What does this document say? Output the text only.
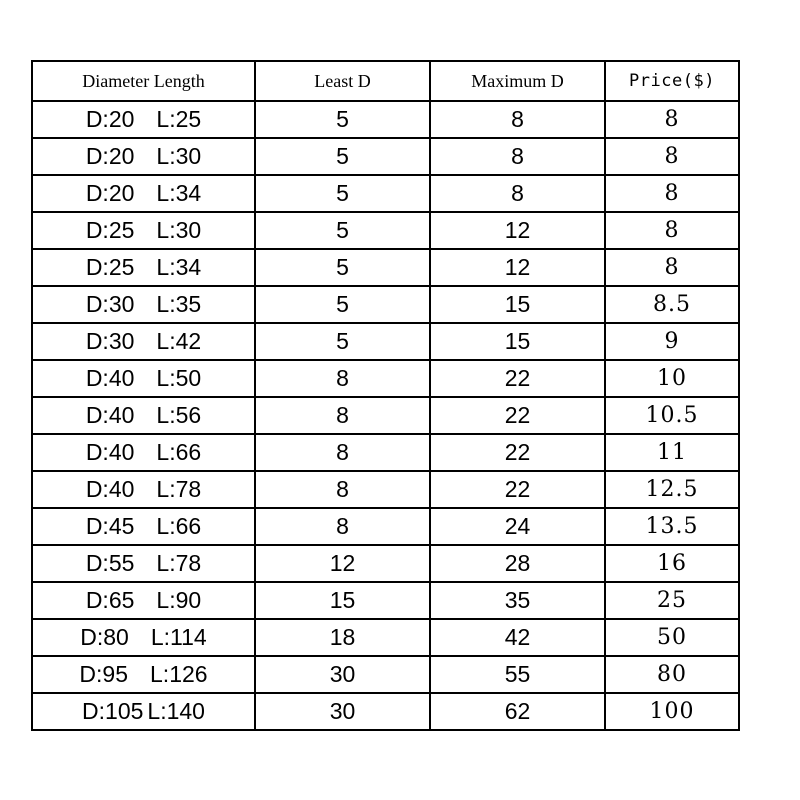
Diameter Length	Least D	Maximum D	Price($)
D:20 L:25	5	8	8
D:20 L:30	5	8	8
D:20 L:34	5	8	8
D:25 L:30	5	12	8
D:25 L:34	5	12	8
D:30 L:35	5	15	8.5
D:30 L:42	5	15	9
D:40 L:50	8	22	10
D:40 L:56	8	22	10.5
D:40 L:66	8	22	11
D:40 L:78	8	22	12.5
D:45 L:66	8	24	13.5
D:55 L:78	12	28	16
D:65 L:90	15	35	25
D:80 L:114	18	42	50
D:95 L:126	30	55	80
D:105 L:140	30	62	100
